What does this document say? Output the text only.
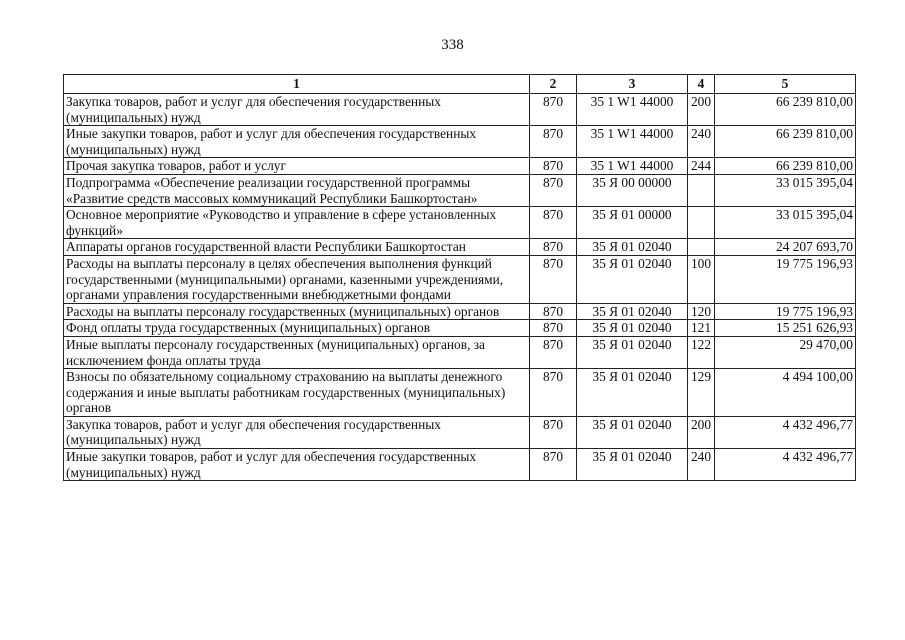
338
1	2	3	4	5
Закупка товаров, работ и услуг для обеспечения государственных (муниципальных) нужд	870	35 1 W1 44000	200	66 239 810,00
Иные закупки товаров, работ и услуг для обеспечения государственных (муниципальных) нужд	870	35 1 W1 44000	240	66 239 810,00
Прочая закупка товаров, работ и услуг	870	35 1 W1 44000	244	66 239 810,00
Подпрограмма «Обеспечение реализации государственной программы «Развитие средств массовых коммуникаций Республики Башкортостан»	870	35 Я 00 00000		33 015 395,04
Основное мероприятие «Руководство и управление в сфере установленных функций»	870	35 Я 01 00000		33 015 395,04
Аппараты органов государственной власти Республики Башкортостан	870	35 Я 01 02040		24 207 693,70
Расходы на выплаты персоналу в целях обеспечения выполнения функций государственными (муниципальными) органами, казенными учреждениями, органами управления государственными внебюджетными фондами	870	35 Я 01 02040	100	19 775 196,93
Расходы на выплаты персоналу государственных (муниципальных) органов	870	35 Я 01 02040	120	19 775 196,93
Фонд оплаты труда государственных (муниципальных) органов	870	35 Я 01 02040	121	15 251 626,93
Иные выплаты персоналу государственных (муниципальных) органов, за исключением фонда оплаты труда	870	35 Я 01 02040	122	29 470,00
Взносы по обязательному социальному страхованию на выплаты денежного содержания и иные выплаты работникам государственных (муниципальных) органов	870	35 Я 01 02040	129	4 494 100,00
Закупка товаров, работ и услуг для обеспечения государственных (муниципальных) нужд	870	35 Я 01 02040	200	4 432 496,77
Иные закупки товаров, работ и услуг для обеспечения государственных (муниципальных) нужд	870	35 Я 01 02040	240	4 432 496,77
